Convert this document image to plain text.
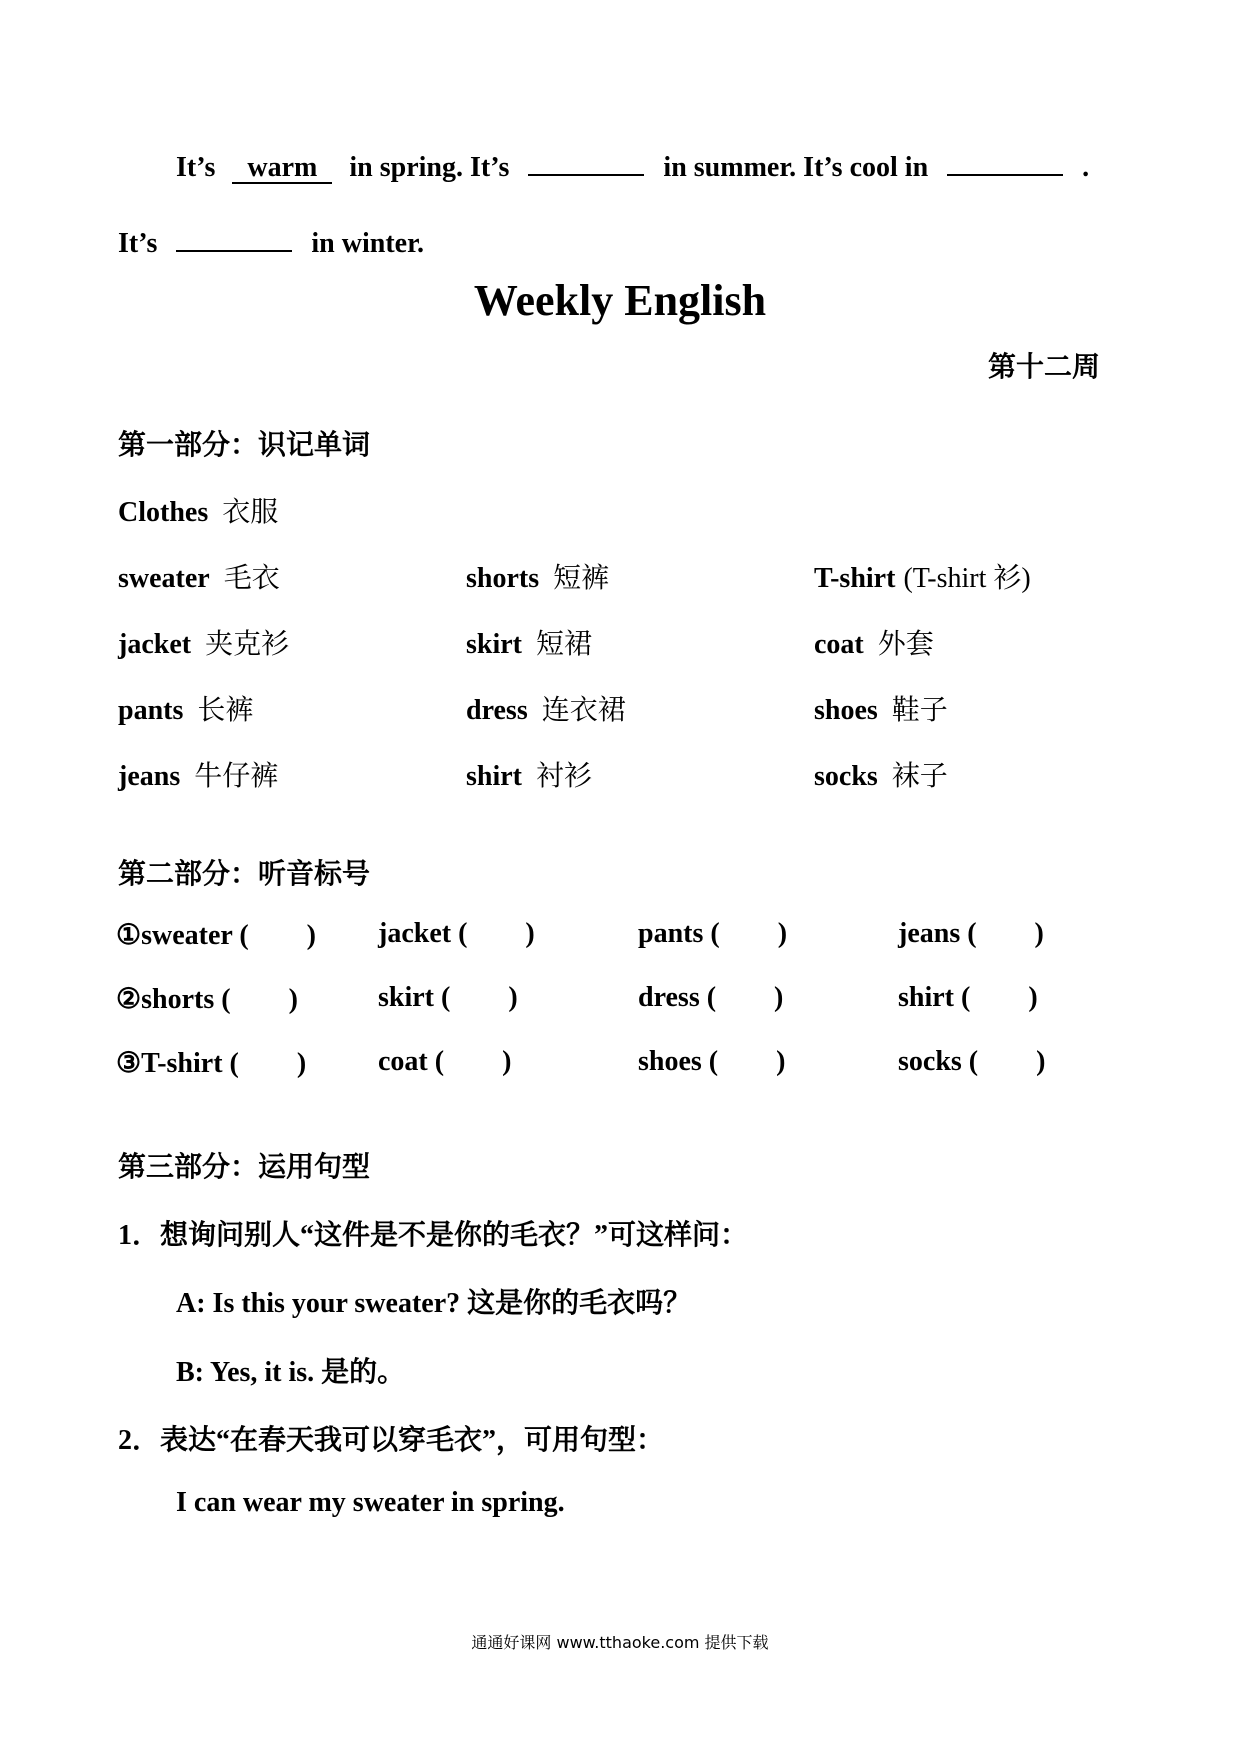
It’s warm in spring. It’s	in summer. It’s cool in	.
It’s	in winter.
Weekly English
第十二周
第一部分：识记单词
Clothes 衣服
sweater 毛衣	shorts 短裤	T-shirt (T-shirt 衫)
jacket 夹克衫	skirt 短裙	coat 外套
pants 长裤	dress 连衣裙	shoes 鞋子
jeans 牛仔裤	shirt 衬衫	socks 袜子
第二部分：听音标号
①sweater ( ) jacket ( )	pants ( )	jeans ( )
②shorts ( )	skirt ( )	dress ( )	shirt ( )
③T-shirt ( )	coat ( )	shoes ( )	socks ( )
第三部分：运用句型
1．想询问别人“这件是不是你的毛衣？”可这样问：
A: Is this your sweater? 这是你的毛衣吗？
B: Yes, it is. 是的。
2．表达“在春天我可以穿毛衣”，可用句型：
I can wear my sweater in spring.
通通好课网 www.tthaoke.com 提供下载
